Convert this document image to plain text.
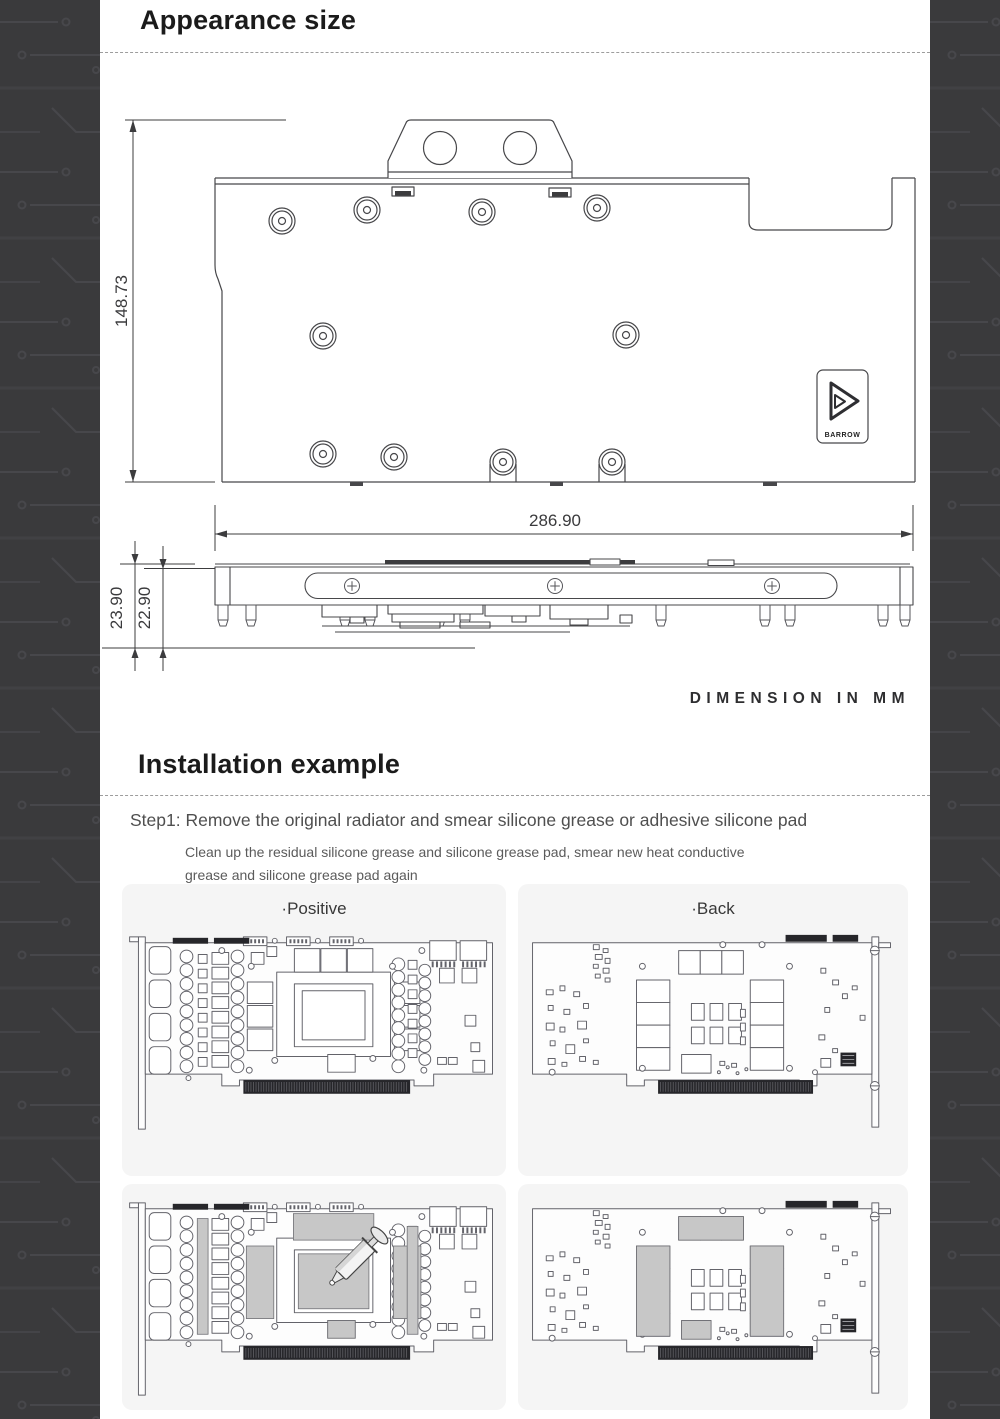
Appearance size
BARROW
148.73
286.90
23.90 22.90
DIMENSION IN MM
Installation example
Step1: Remove the original radiator and smear silicone grease or adhesive silicone pad
Clean up the residual silicone grease and silicone grease pad, smear new heat conductive grease and silicone grease pad again
·Positive	·Back
